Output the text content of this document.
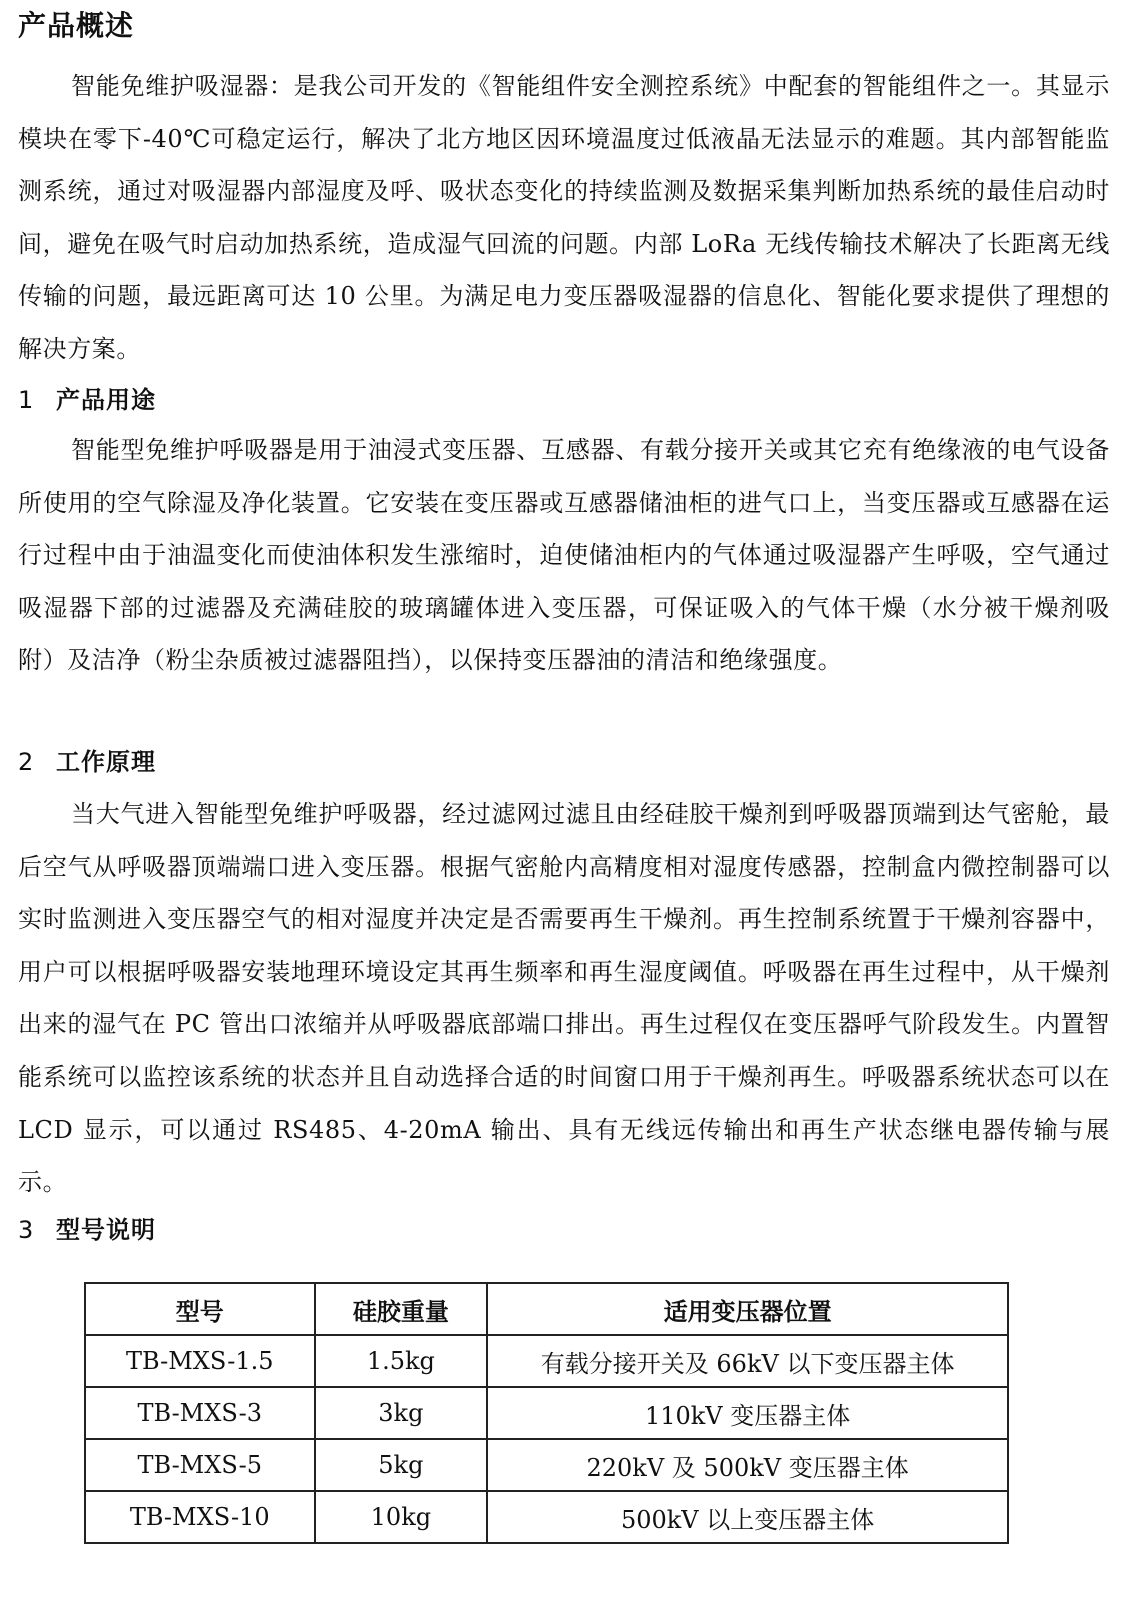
产品概述

智能免维护吸湿器：是我公司开发的《智能组件安全测控系统》中配套的智能组件之一。其显示模块在零下-40℃可稳定运行，解决了北方地区因环境温度过低液晶无法显示的难题。其内部智能监测系统，通过对吸湿器内部湿度及呼、吸状态变化的持续监测及数据采集判断加热系统的最佳启动时间，避免在吸气时启动加热系统，造成湿气回流的问题。内部 LoRa 无线传输技术解决了长距离无线传输的问题，最远距离可达 10 公里。为满足电力变压器吸湿器的信息化、智能化要求提供了理想的解决方案。

1 产品用途

智能型免维护呼吸器是用于油浸式变压器、互感器、有载分接开关或其它充有绝缘液的电气设备所使用的空气除湿及净化装置。它安装在变压器或互感器储油柜的进气口上，当变压器或互感器在运行过程中由于油温变化而使油体积发生涨缩时，迫使储油柜内的气体通过吸湿器产生呼吸，空气通过吸湿器下部的过滤器及充满硅胶的玻璃罐体进入变压器，可保证吸入的气体干燥（水分被干燥剂吸附）及洁净（粉尘杂质被过滤器阻挡），以保持变压器油的清洁和绝缘强度。

2 工作原理

当大气进入智能型免维护呼吸器，经过滤网过滤且由经硅胶干燥剂到呼吸器顶端到达气密舱，最后空气从呼吸器顶端端口进入变压器。根据气密舱内高精度相对湿度传感器，控制盒内微控制器可以实时监测进入变压器空气的相对湿度并决定是否需要再生干燥剂。再生控制系统置于干燥剂容器中，用户可以根据呼吸器安装地理环境设定其再生频率和再生湿度阈值。呼吸器在再生过程中，从干燥剂出来的湿气在 PC 管出口浓缩并从呼吸器底部端口排出。再生过程仅在变压器呼气阶段发生。内置智能系统可以监控该系统的状态并且自动选择合适的时间窗口用于干燥剂再生。呼吸器系统状态可以在 LCD 显示，可以通过 RS485、4-20mA 输出、具有无线远传输出和再生产状态继电器传输与展示。

3 型号说明
型号	硅胶重量	适用变压器位置
TB-MXS-1.5	1.5kg	有载分接开关及 66kV 以下变压器主体
TB-MXS-3	3kg	110kV 变压器主体
TB-MXS-5	5kg	220kV 及 500kV 变压器主体
TB-MXS-10	10kg	500kV 以上变压器主体
